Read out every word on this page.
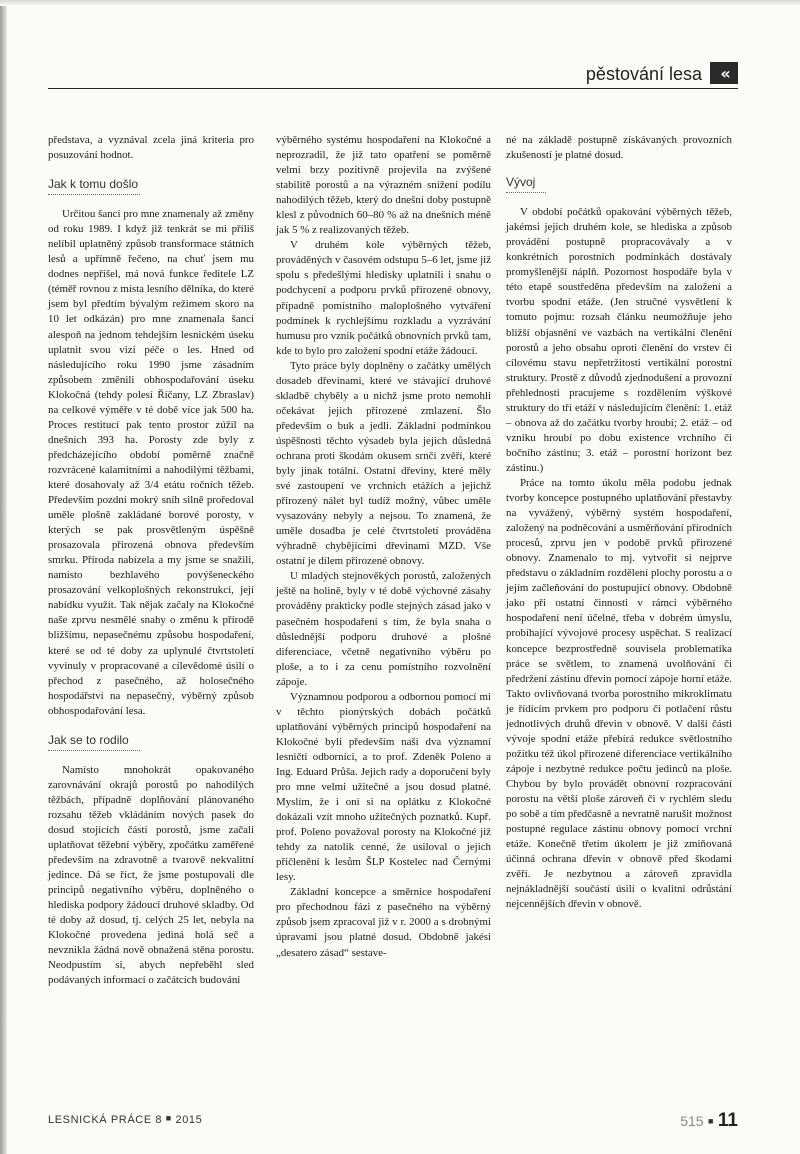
pěstování lesa	«

představa, a vyznával zcela jiná kriteria pro posuzování hodnot.

Jak k tomu došlo

Určitou šanci pro mne znamenaly až změny od roku 1989. I když již tenkrát se mi příliš nelíbil uplatněný způsob transformace státních lesů a upřímně řečeno, na chuť jsem mu dodnes nepřišel, má nová funkce ředitele LZ (téměř rovnou z místa lesního dělníka, do které jsem byl předtím bývalým režimem skoro na 10 let odkázán) pro mne znamenala šanci alespoň na jednom tehdejším lesnickém úseku uplatnit svou vizi péče o les. Hned od následujícího roku 1990 jsme zásadním způsobem změnili obhospodařování úseku Klokočná (tehdy polesí Říčany, LZ Zbraslav) na celkové výměře v té době více jak 500 ha. Proces restitucí pak tento prostor zúžil na dnešních 393 ha. Porosty zde byly z předcházejícího období poměrně značně rozvrácené kalamitními a nahodilými těžbami, které dosahovaly až 3/4 etátu ročních těžeb. Především pozdní mokrý sníh silně proředoval uměle plošně zakládané borové porosty, v kterých se pak prosvětleným úspěšně prosazovala přirozená obnova především smrku. Příroda nabízela a my jsme se snažili, namísto bezhlavého povýšeneckého prosazování velkoplošných rekonstrukcí, její nabídku využít. Tak nějak začaly na Klokočné naše zprvu nesmělé snahy o změnu k přírodě bližšímu, nepasečnému způsobu hospodaření, které se od té doby za uplynulé čtvrtstoletí vyvinuly v propracované a cílevědomé úsilí o přechod z pasečného, až holosečného hospodářství na nepasečný, výběrný způsob obhospodařování lesa.

Jak se to rodilo

Namísto mnohokrát opakovaného zarovnávání okrajů porostů po nahodilých těžbách, případně doplňování plánovaného rozsahu těžeb vkládáním nových pasek do dosud stojících částí porostů, jsme začali uplatňovat těžební výběry, zpočátku zaměřené především na zdravotně a tvarově nekvalitní jedince. Dá se říct, že jsme postupovali dle principů negativního výběru, doplněného o hlediska podpory žádoucí druhové skladby. Od té doby až dosud, tj. celých 25 let, nebyla na Klokočné provedena jediná holá seč a nevznikla žádná nově obnažená stěna porostu. Neodpustím si, abych nepřeběhl sled podávaných informací o začátcích budování

výběrného systému hospodaření na Klokočné a neprozradil, že již tato opatření se poměrně velmi brzy pozitivně projevila na zvýšené stabilitě porostů a na výrazném snížení podílu nahodilých těžeb, který do dnešní doby postupně klesl z původních 60–80 % až na dnešních méně jak 5 % z realizovaných těžeb.

V druhém kole výběrných těžeb, prováděných v časovém odstupu 5–6 let, jsme již spolu s předešlými hledisky uplatnili i snahu o podchycení a podporu prvků přirozené obnovy, případně pomístního maloplošného vytváření podmínek k rychlejšímu rozkladu a vyzrávání humusu pro vznik počátků obnovních prvků tam, kde to bylo pro založení spodní etáže žádoucí.

Tyto práce byly doplněny o začátky umělých dosadeb dřevinami, které ve stávající druhové skladbě chyběly a u nichž jsme proto nemohli očekávat jejich přirozené zmlazení. Šlo především o buk a jedli. Základní podmínkou úspěšnosti těchto výsadeb byla jejich důsledná ochrana proti škodám okusem srnčí zvěří, které byly jinak totální. Ostatní dřeviny, které měly své zastoupení ve vrchních etážích a jejichž přirozený nálet byl tudíž možný, vůbec uměle vysazovány nebyly a nejsou. To znamená, že uměle dosadba je celé čtvrtstoletí prováděna výhradně chybějícími dřevinami MZD. Vše ostatní je dílem přirozené obnovy.

U mladých stejnověkých porostů, založených ještě na holině, byly v té době výchovné zásahy prováděny prakticky podle stejných zásad jako v pasečném hospodaření s tím, že byla snaha o důslednější podporu druhové a plošné diferenciace, včetně negativního výběru po ploše, a to i za cenu pomístního rozvolnění zápoje.

Významnou podporou a odbornou pomocí mi v těchto pionýrských dobách počátků uplatňování výběrných principů hospodaření na Klokočné byli především naši dva významní lesničtí odborníci, a to prof. Zdeněk Poleno a Ing. Eduard Průša. Jejich rady a doporučení byly pro mne velmi užitečné a jsou dosud platné. Myslím, že i oni si na oplátku z Klokočné dokázali vzít mnoho užitečných poznatků. Kupř. prof. Poleno považoval porosty na Klokočné již tehdy za natolik cenné, že usiloval o jejich přičlenění k lesům ŠLP Kostelec nad Černými lesy.

Základní koncepce a směrnice hospodaření pro přechodnou fázi z pasečného na výběrný způsob jsem zpracoval již v r. 2000 a s drobnými úpravami jsou platné dosud. Obdobně jakési „desatero zásad“ sestave-

né na základě postupně získávaných provozních zkušeností je platné dosud.

Vývoj

V období počátků opakování výběrných těžeb, jakémsi jejich druhém kole, se hlediska a způsob provádění postupně propracovávaly a v konkrétních porostních podmínkách dostávaly promyšlenější náplň. Pozornost hospodáře byla v této etapě soustředěna především na založení a tvorbu spodní etáže. (Jen stručné vysvětlení k tomuto pojmu: rozsah článku neumožňuje jeho bližší objasnění ve vazbách na vertikální členění porostů a jeho obsahu oproti členění do vrstev či cílovému stavu nepřetržitosti vertikální porostní struktury. Prostě z důvodů zjednodušení a provozní přehlednosti pracujeme s rozdělením výškové struktury do tří etáží v následujícím členění: 1. etáž – obnova až do začátku tvorby hroubí; 2. etáž – od vzniku hroubí po dobu existence vrchního či bočního zástinu; 3. etáž – porostní horizont bez zástinu.)

Práce na tomto úkolu měla podobu jednak tvorby koncepce postupného uplatňování přestavby na vyvážený, výběrný systém hospodaření, založený na podněcování a usměrňování přírodních procesů, zprvu jen v podobě prvků přirozené obnovy. Znamenalo to mj. vytvořit si nejprve představu o základním rozdělení plochy porostu a o jejím začleňování do postupující obnovy. Obdobně jako při ostatní činnosti v rámci výběrného hospodaření není účelné, třeba v dobrém úmyslu, probíhající vývojové procesy uspěchat. S realizací koncepce bezprostředně souvisela problematika práce se světlem, to znamená uvolňování či předržení zástinu dřevin pomocí zápoje horní etáže. Takto ovlivňovaná tvorba porostního mikroklimatu je řídícím prvkem pro podporu či potlačení růstu jednotlivých druhů dřevin v obnově. V další části vývoje spodní etáže přebírá redukce světlostního požitku též úkol přirozené diferenciace vertikálního zápoje i nezbytné redukce počtu jedinců na ploše. Chybou by bylo provádět obnovní rozpracování porostu na větší ploše zároveň či v rychlém sledu po sobě a tím předčasně a nevratně narušit možnost postupné regulace zástinu obnovy pomocí vrchní etáže. Konečně třetím úkolem je již zmiňovaná účinná ochrana dřevin v obnově před škodami zvěří. Je nezbytnou a zároveň zpravidla nejnákladnější součástí úsilí o kvalitní odrůstání nejcennějších dřevin v obnově.

LESNICKÁ PRÁCE 8 ■ 2015	515 ■ 11
